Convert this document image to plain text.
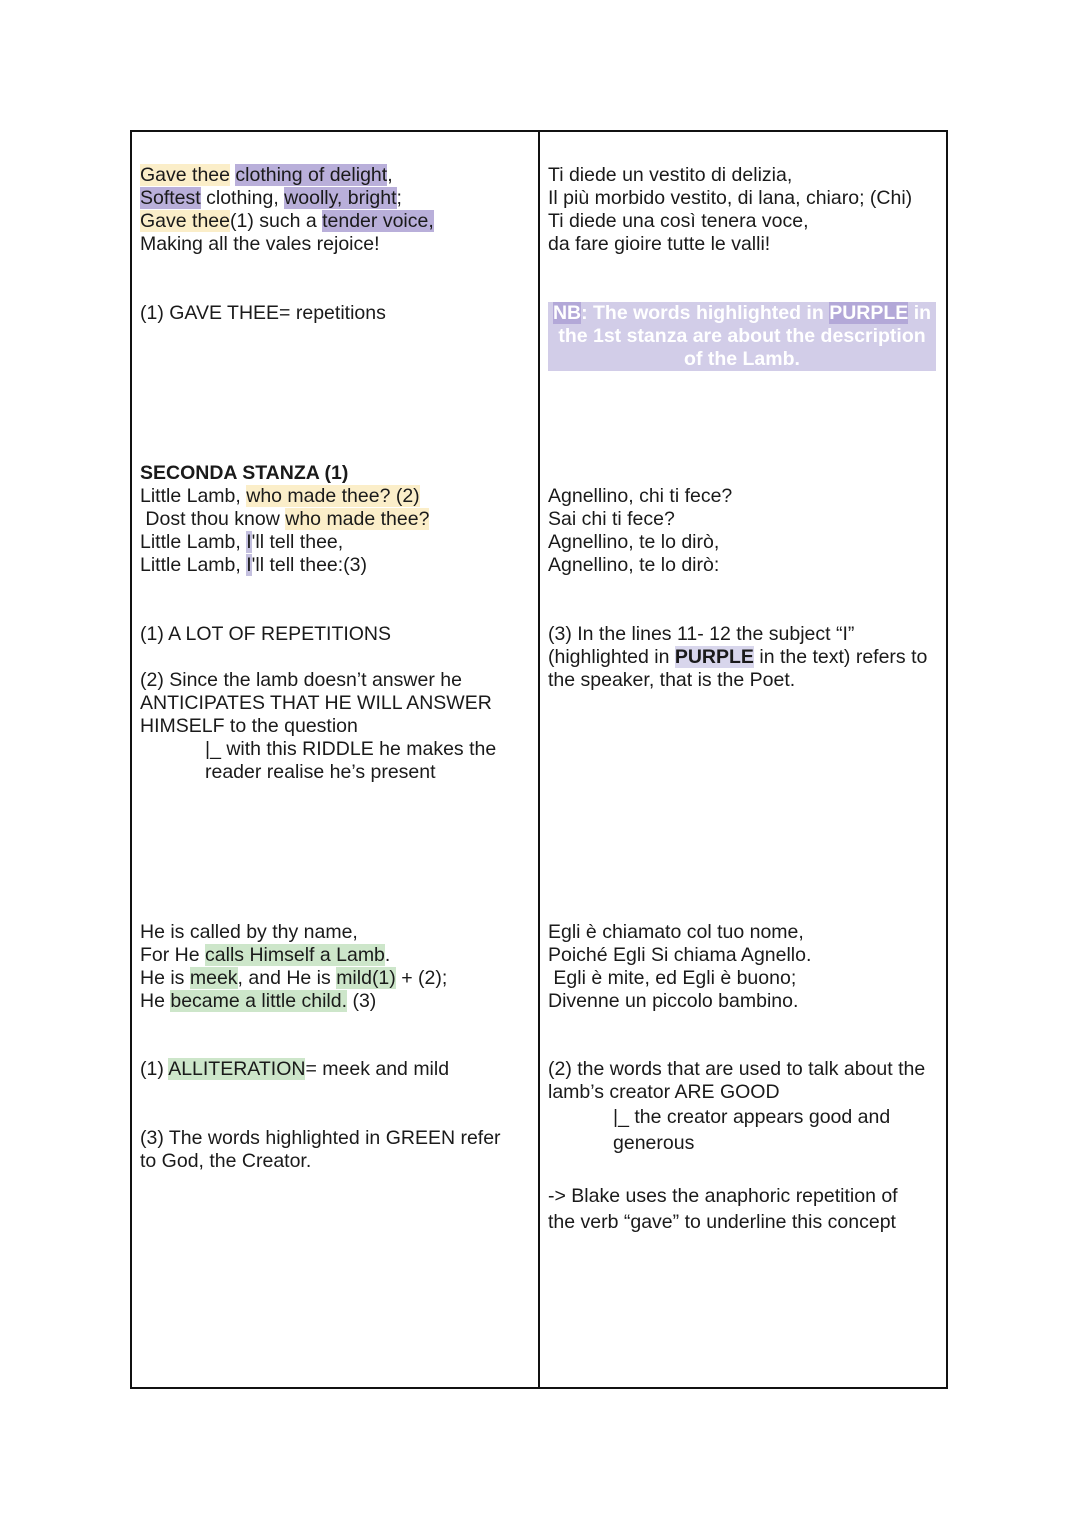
Gave thee clothing of delight,
Softest clothing, woolly, bright;
Gave thee(1) such a tender voice,
Making all the vales rejoice!
(1) GAVE THEE= repetitions
Ti diede un vestito di delizia,
Il più morbido vestito, di lana, chiaro; (Chi)
Ti diede una così tenera voce,
da fare gioire tutte le valli!
NB: The words highlighted in PURPLE in
the 1st stanza are about the description
of the Lamb.
SECONDA STANZA (1)
Little Lamb, who made thee? (2)
Dost thou know who made thee?
Little Lamb, I'll tell thee,
Little Lamb, I'll tell thee:(3)
Agnellino, chi ti fece?
Sai chi ti fece?
Agnellino, te lo dirò,
Agnellino, te lo dirò:
(1) A LOT OF REPETITIONS
(2) Since the lamb doesn’t answer he
ANTICIPATES THAT HE WILL ANSWER
HIMSELF to the question
|_ with this RIDDLE he makes the
reader realise he’s present
(3) In the lines 11- 12 the subject “I”
(highlighted in PURPLE in the text) refers to
the speaker, that is the Poet.
He is called by thy name,
For He calls Himself a Lamb.
He is meek, and He is mild(1) + (2);
He became a little child. (3)
Egli è chiamato col tuo nome,
Poiché Egli Si chiama Agnello.
Egli è mite, ed Egli è buono;
Divenne un piccolo bambino.
(1) ALLITERATION= meek and mild
(3) The words highlighted in GREEN refer
to God, the Creator.
(2) the words that are used to talk about the
lamb’s creator ARE GOOD
|_ the creator appears good and
generous
-> Blake uses the anaphoric repetition of
the verb “gave” to underline this concept
